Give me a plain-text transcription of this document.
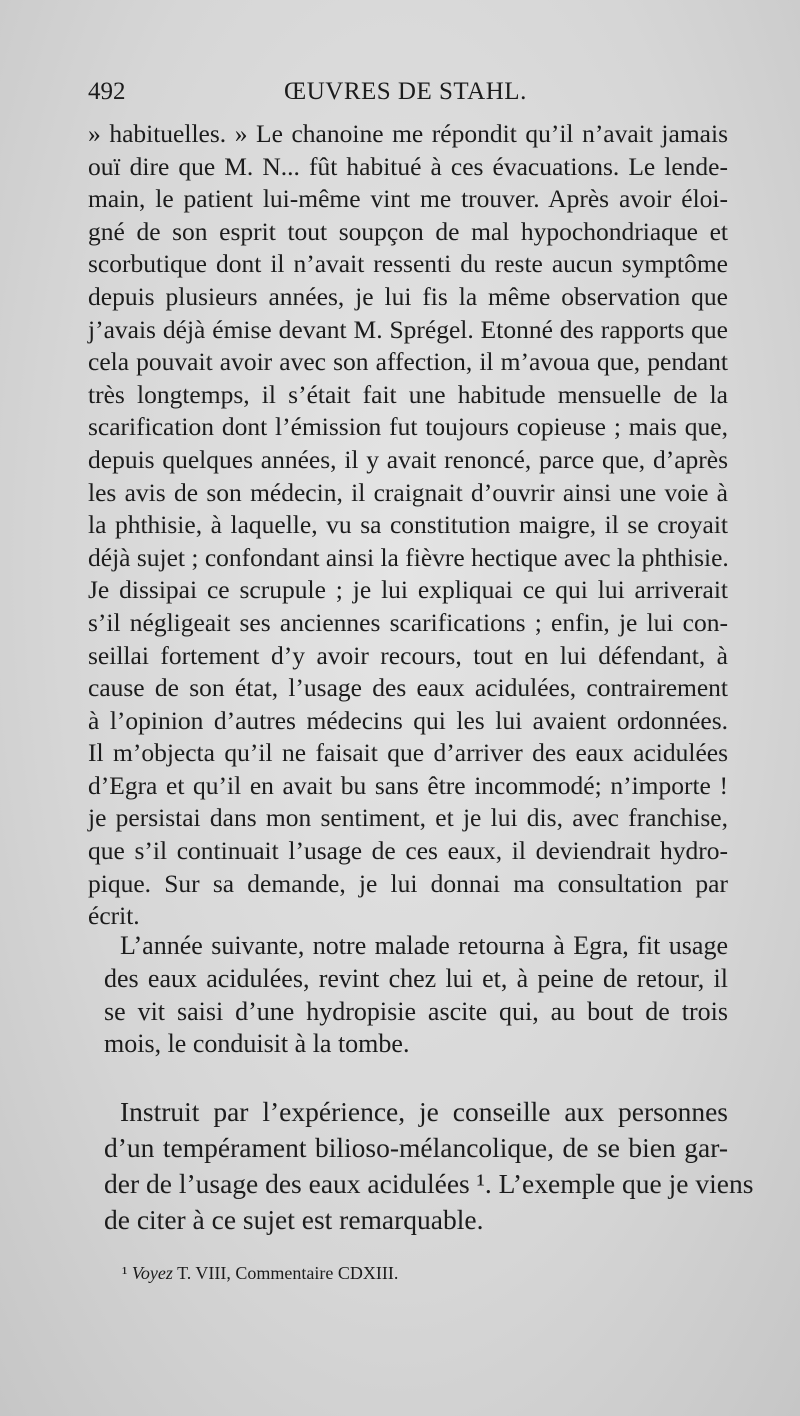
492	ŒUVRES DE STAHL.
» habituelles. » Le chanoine me répondit qu’il n’avait jamais
ouï dire que M. N... fût habitué à ces évacuations. Le lende-
main, le patient lui-même vint me trouver. Après avoir éloi-
gné de son esprit tout soupçon de mal hypochondriaque et
scorbutique dont il n’avait ressenti du reste aucun symptôme
depuis plusieurs années, je lui fis la même observation que
j’avais déjà émise devant M. Sprégel. Etonné des rapports que
cela pouvait avoir avec son affection, il m’avoua que, pendant
très longtemps, il s’était fait une habitude mensuelle de la
scarification dont l’émission fut toujours copieuse ; mais que,
depuis quelques années, il y avait renoncé, parce que, d’après
les avis de son médecin, il craignait d’ouvrir ainsi une voie à
la phthisie, à laquelle, vu sa constitution maigre, il se croyait
déjà sujet ; confondant ainsi la fièvre hectique avec la phthisie.
Je dissipai ce scrupule ; je lui expliquai ce qui lui arriverait
s’il négligeait ses anciennes scarifications ; enfin, je lui con-
seillai fortement d’y avoir recours, tout en lui défendant, à
cause de son état, l’usage des eaux acidulées, contrairement
à l’opinion d’autres médecins qui les lui avaient ordonnées.
Il m’objecta qu’il ne faisait que d’arriver des eaux acidulées
d’Egra et qu’il en avait bu sans être incommodé; n’importe !
je persistai dans mon sentiment, et je lui dis, avec franchise,
que s’il continuait l’usage de ces eaux, il deviendrait hydro-
pique. Sur sa demande, je lui donnai ma consultation par
écrit.
L’année suivante, notre malade retourna à Egra, fit usage
des eaux acidulées, revint chez lui et, à peine de retour, il
se vit saisi d’une hydropisie ascite qui, au bout de trois
mois, le conduisit à la tombe.
Instruit par l’expérience, je conseille aux personnes
d’un tempérament bilioso-mélancolique, de se bien gar-
der de l’usage des eaux acidulées ¹. L’exemple que je viens
de citer à ce sujet est remarquable.
¹ Voyez T. VIII, Commentaire CDXIII.
